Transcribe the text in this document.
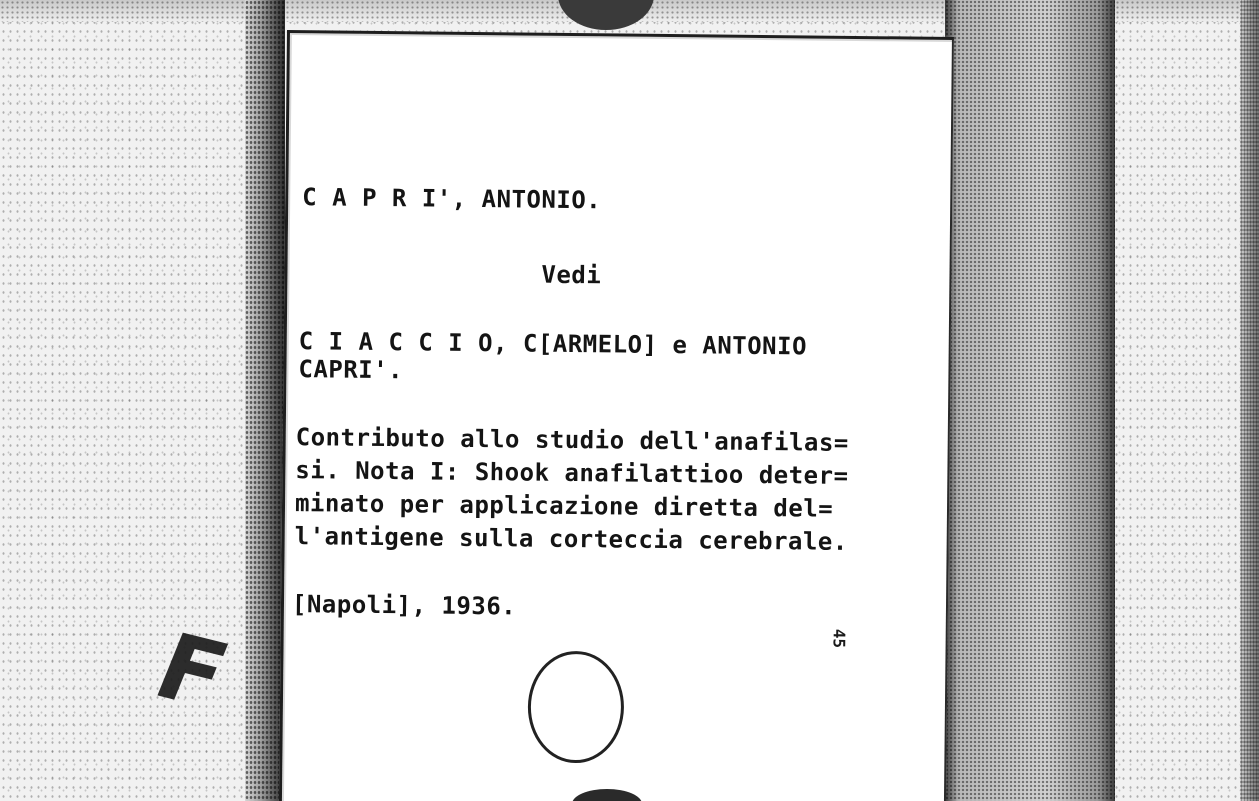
F

C A P R I', ANTONIO.

Vedi

C I A C C I O, C[ARMELO] e ANTONIO

CAPRI'.

Contributo allo studio dell'anafilas=

si. Nota I: Shook anafilattioo deter=

minato per applicazione diretta del=

l'antigene sulla corteccia cerebrale.

[Napoli], 1936.

45
